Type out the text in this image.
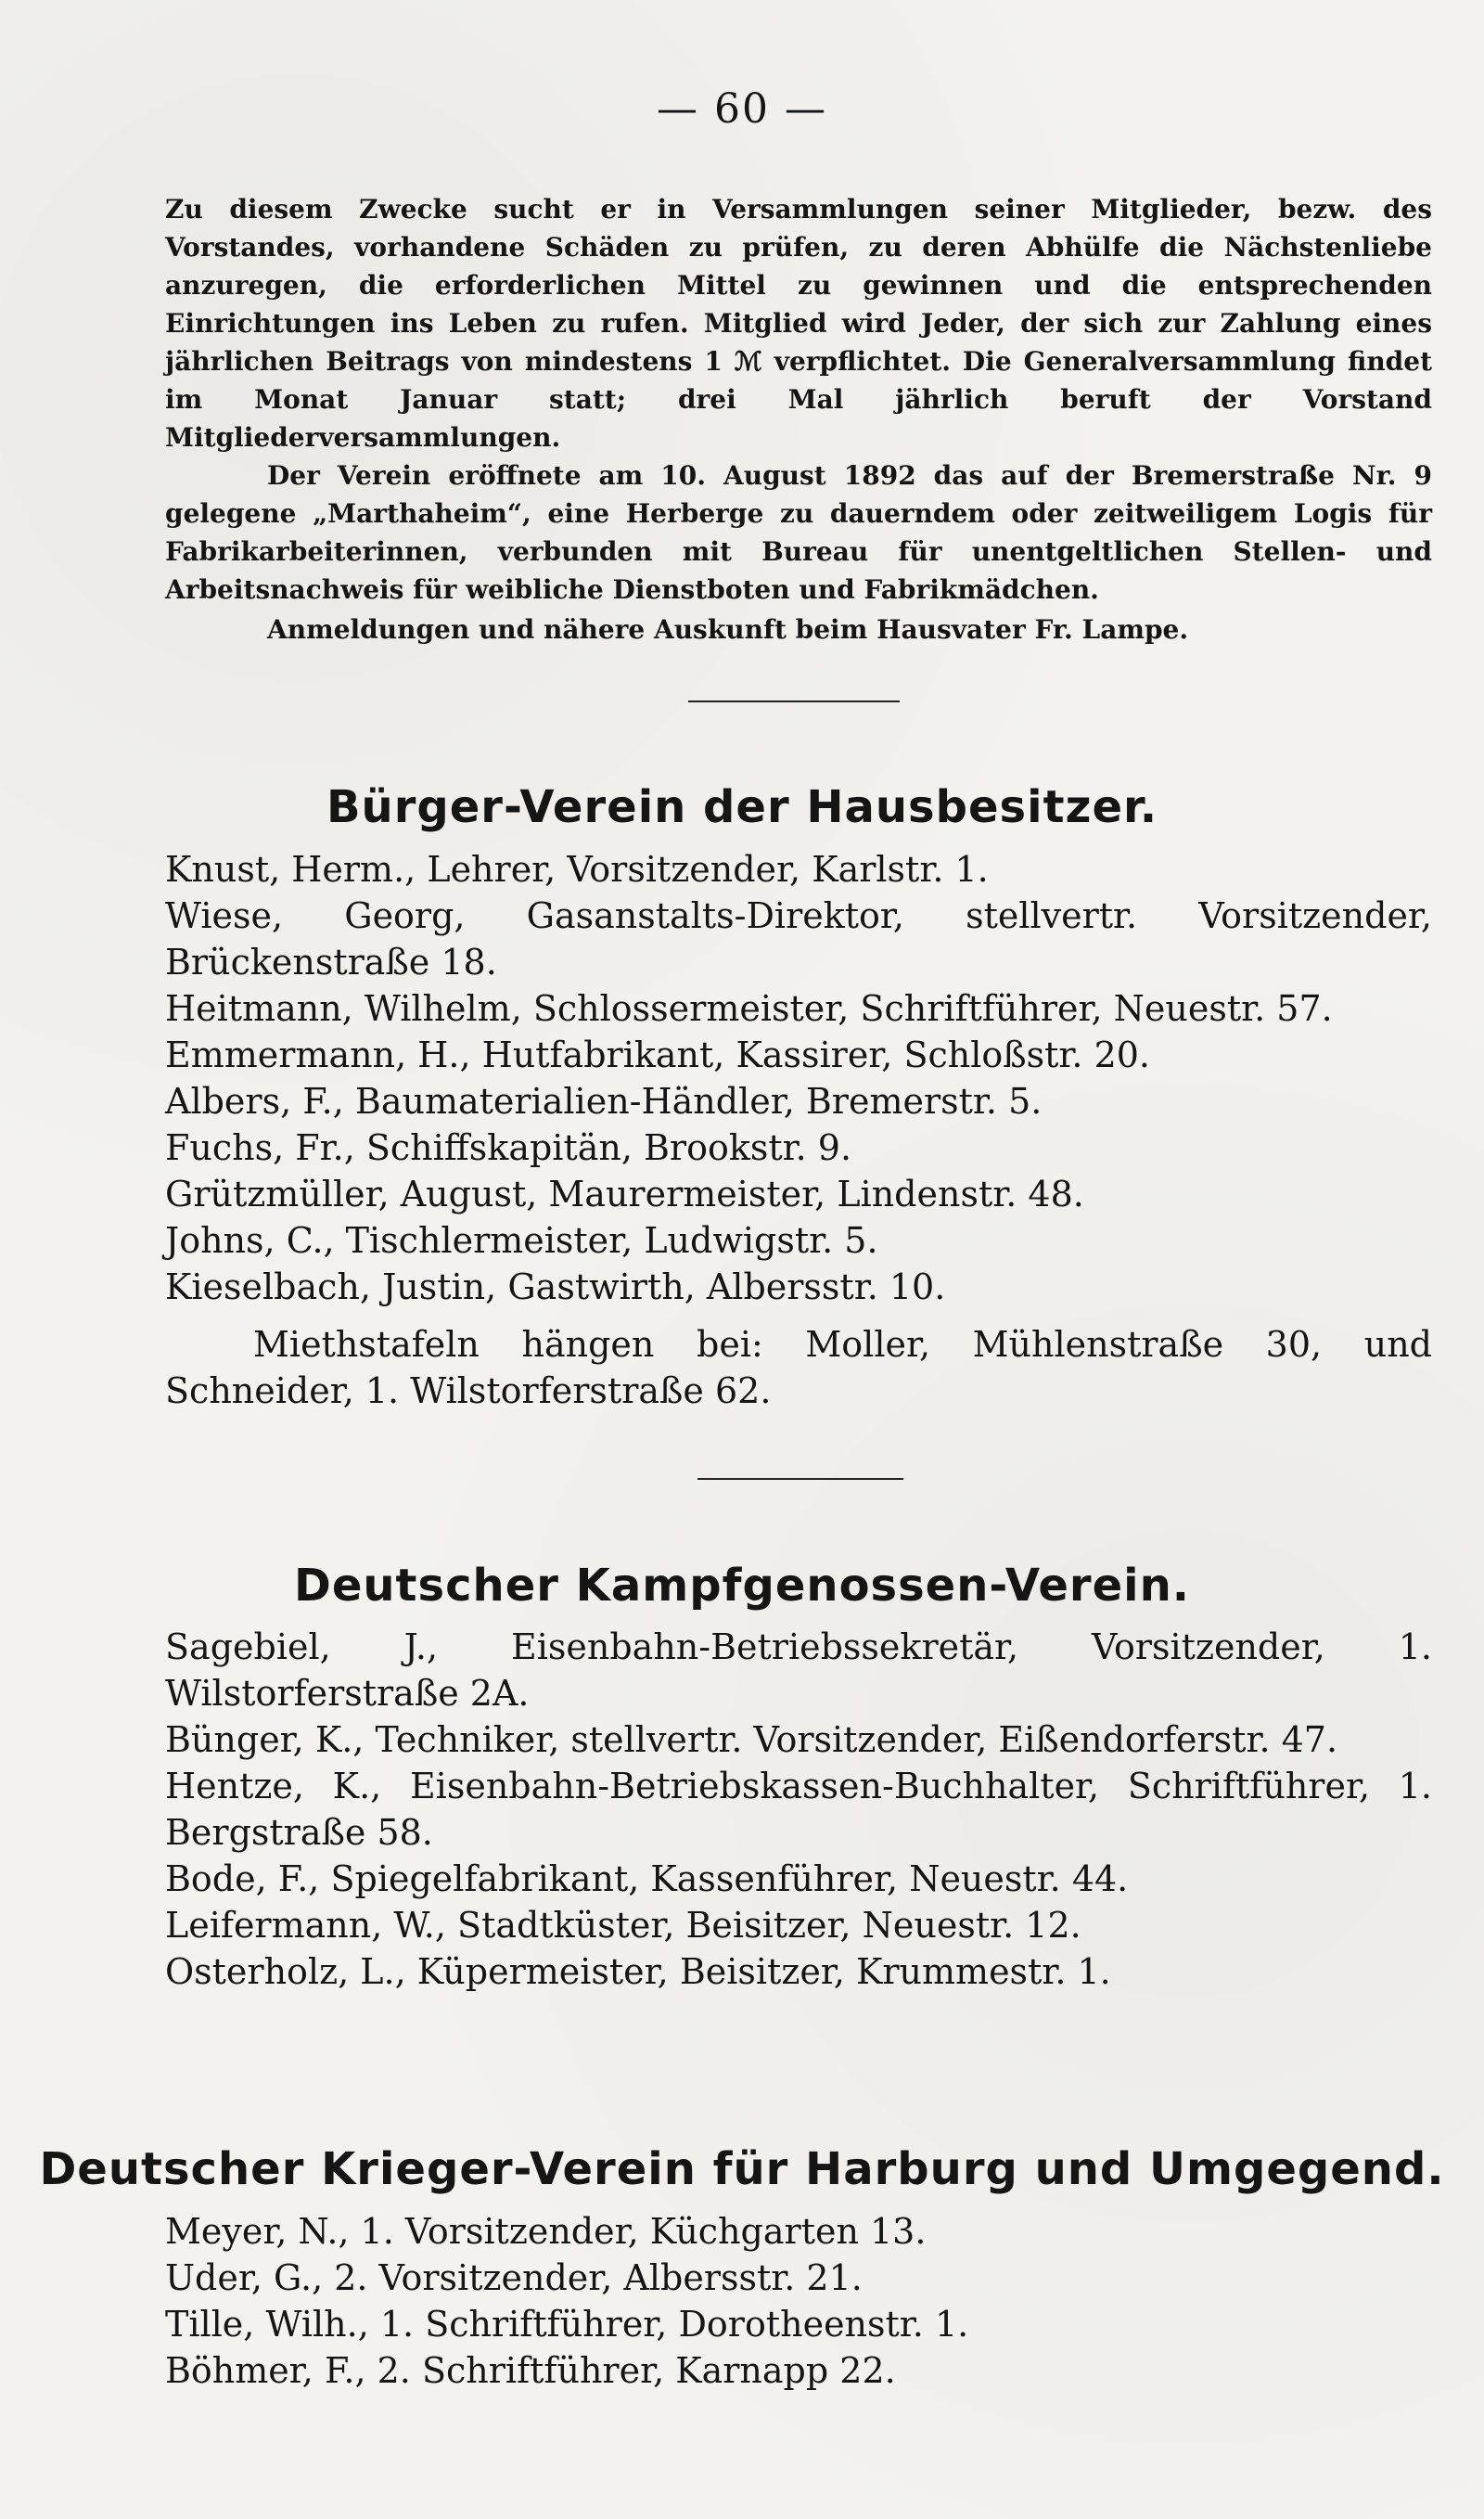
— 60 —

Zu diesem Zwecke sucht er in Versammlungen seiner Mitglieder, bezw. des Vorstandes, vorhandene Schäden zu prüfen, zu deren Abhülfe die Nächstenliebe anzuregen, die erforderlichen Mittel zu gewinnen und die entsprechenden Einrichtungen ins Leben zu rufen. Mitglied wird Jeder, der sich zur Zahlung eines jährlichen Beitrags von mindestens 1 ℳ verpflichtet. Die Generalversammlung findet im Monat Januar statt; drei Mal jährlich beruft der Vorstand Mitgliederversammlungen.

Der Verein eröffnete am 10. August 1892 das auf der Bremerstraße Nr. 9 gelegene „Marthaheim“, eine Herberge zu dauerndem oder zeitweiligem Logis für Fabrikarbeiterinnen, verbunden mit Bureau für unentgeltlichen Stellen- und Arbeitsnachweis für weibliche Dienstboten und Fabrikmädchen.

Anmeldungen und nähere Auskunft beim Hausvater Fr. Lampe.

Bürger-Verein der Hausbesitzer.

Knust, Herm., Lehrer, Vorsitzender, Karlstr. 1.

Wiese, Georg, Gasanstalts-Direktor, stellvertr. Vorsitzender, Brückenstraße 18.

Heitmann, Wilhelm, Schlossermeister, Schriftführer, Neuestr. 57.

Emmermann, H., Hutfabrikant, Kassirer, Schloßstr. 20.

Albers, F., Baumaterialien-Händler, Bremerstr. 5.

Fuchs, Fr., Schiffskapitän, Brookstr. 9.

Grützmüller, August, Maurermeister, Lindenstr. 48.

Johns, C., Tischlermeister, Ludwigstr. 5.

Kieselbach, Justin, Gastwirth, Albersstr. 10.

Miethstafeln hängen bei: Moller, Mühlenstraße 30, und Schneider, 1. Wilstorferstraße 62.

Deutscher Kampfgenossen-Verein.

Sagebiel, J., Eisenbahn-Betriebssekretär, Vorsitzender, 1. Wilstorferstraße 2A.

Bünger, K., Techniker, stellvertr. Vorsitzender, Eißendorferstr. 47.

Hentze, K., Eisenbahn-Betriebskassen-Buchhalter, Schriftführer, 1. Bergstraße 58.

Bode, F., Spiegelfabrikant, Kassenführer, Neuestr. 44.

Leifermann, W., Stadtküster, Beisitzer, Neuestr. 12.

Osterholz, L., Küpermeister, Beisitzer, Krummestr. 1.

Deutscher Krieger-Verein für Harburg und Umgegend.

Meyer, N., 1. Vorsitzender, Küchgarten 13.

Uder, G., 2. Vorsitzender, Albersstr. 21.

Tille, Wilh., 1. Schriftführer, Dorotheenstr. 1.

Böhmer, F., 2. Schriftführer, Karnapp 22.
